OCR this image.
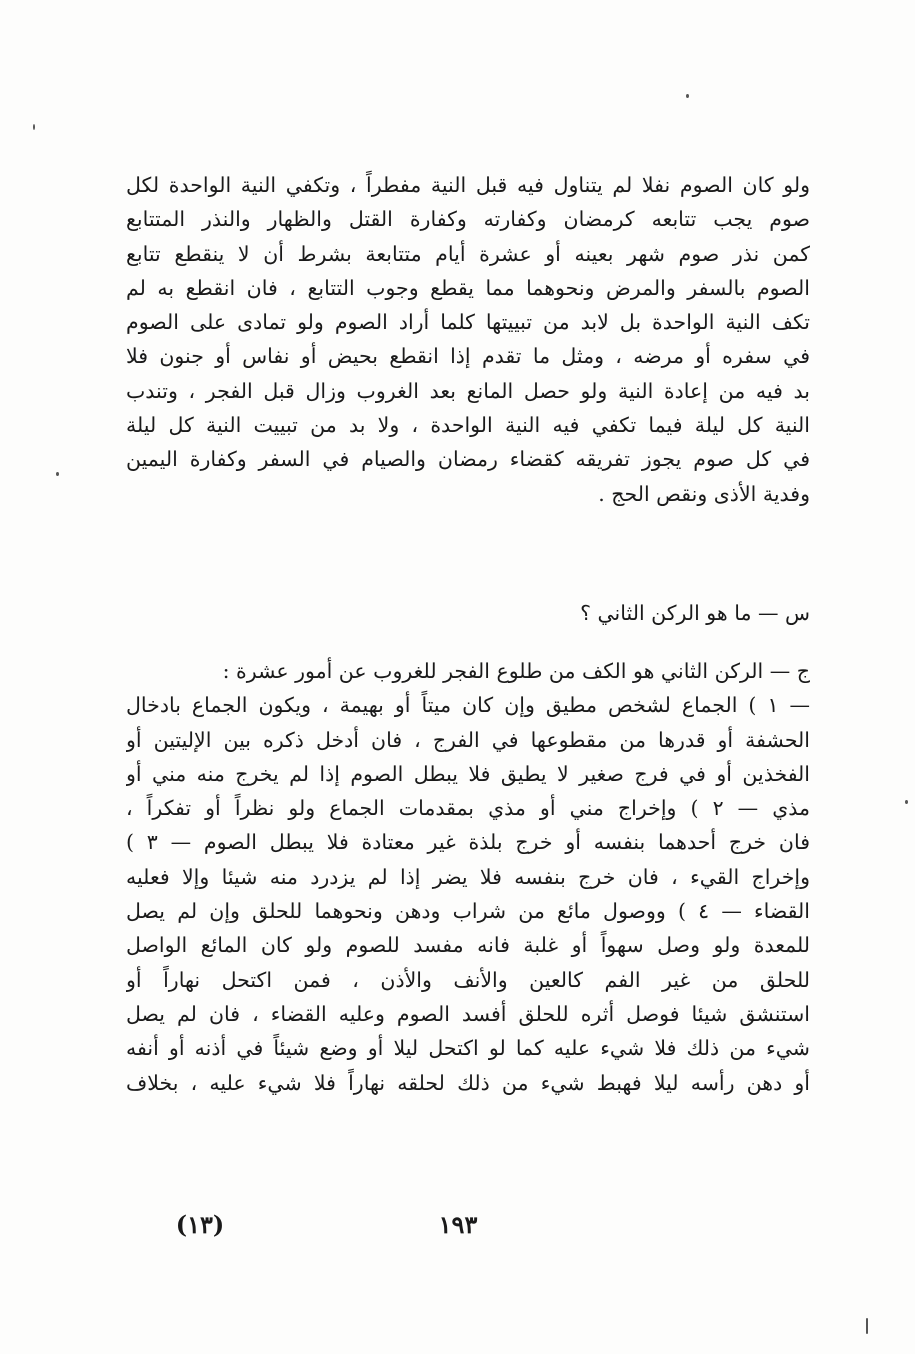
ولو كان الصوم نفلا لم يتناول فيه قبل النية مفطراً ، وتكفي النية الواحدة لكل

صوم يجب تتابعه كرمضان وكفارته وكفارة القتل والظهار والنذر المتتابع

كمن نذر صوم شهر بعينه أو عشرة أيام متتابعة بشرط أن لا ينقطع تتابع

الصوم بالسفر والمرض ونحوهما مما يقطع وجوب التتابع ، فان انقطع به لم

تكف النية الواحدة بل لابد من تبييتها كلما أراد الصوم ولو تمادى على الصوم

في سفره أو مرضه ، ومثل ما تقدم إذا انقطع بحيض أو نفاس أو جنون فلا

بد فيه من إعادة النية ولو حصل المانع بعد الغروب وزال قبل الفجر ، وتندب

النية كل ليلة فيما تكفي فيه النية الواحدة ، ولا بد من تبييت النية كل ليلة

في كل صوم يجوز تفريقه كقضاء رمضان والصيام في السفر وكفارة اليمين

وفدية الأذى ونقص الحج .

س — ما هو الركن الثاني ؟

ج — الركن الثاني هو الكف من طلوع الفجر للغروب عن أمور عشرة :

— ١ ) الجماع لشخص مطيق وإن كان ميتاً أو بهيمة ، ويكون الجماع بادخال

الحشفة أو قدرها من مقطوعها في الفرج ، فان أدخل ذكره بين الإليتين أو

الفخذين أو في فرج صغير لا يطيق فلا يبطل الصوم إذا لم يخرج منه مني أو

مذي — ٢ ) وإخراج مني أو مذي بمقدمات الجماع ولو نظراً أو تفكراً ،

فان خرج أحدهما بنفسه أو خرج بلذة غير معتادة فلا يبطل الصوم — ٣ )

وإخراج القيء ، فان خرج بنفسه فلا يضر إذا لم يزدرد منه شيئا وإلا فعليه

القضاء — ٤ ) ووصول مائع من شراب ودهن ونحوهما للحلق وإن لم يصل

للمعدة ولو وصل سهواً أو غلبة فانه مفسد للصوم ولو كان المائع الواصل

للحلق من غير الفم كالعين والأنف والأذن ، فمن اكتحل نهاراً أو

استنشق شيئا فوصل أثره للحلق أفسد الصوم وعليه القضاء ، فان لم يصل

شيء من ذلك فلا شيء عليه كما لو اكتحل ليلا أو وضع شيئاً في أذنه أو أنفه

أو دهن رأسه ليلا فهبط شيء من ذلك لحلقه نهاراً فلا شيء عليه ، بخلاف

(١٣)	١٩٣
